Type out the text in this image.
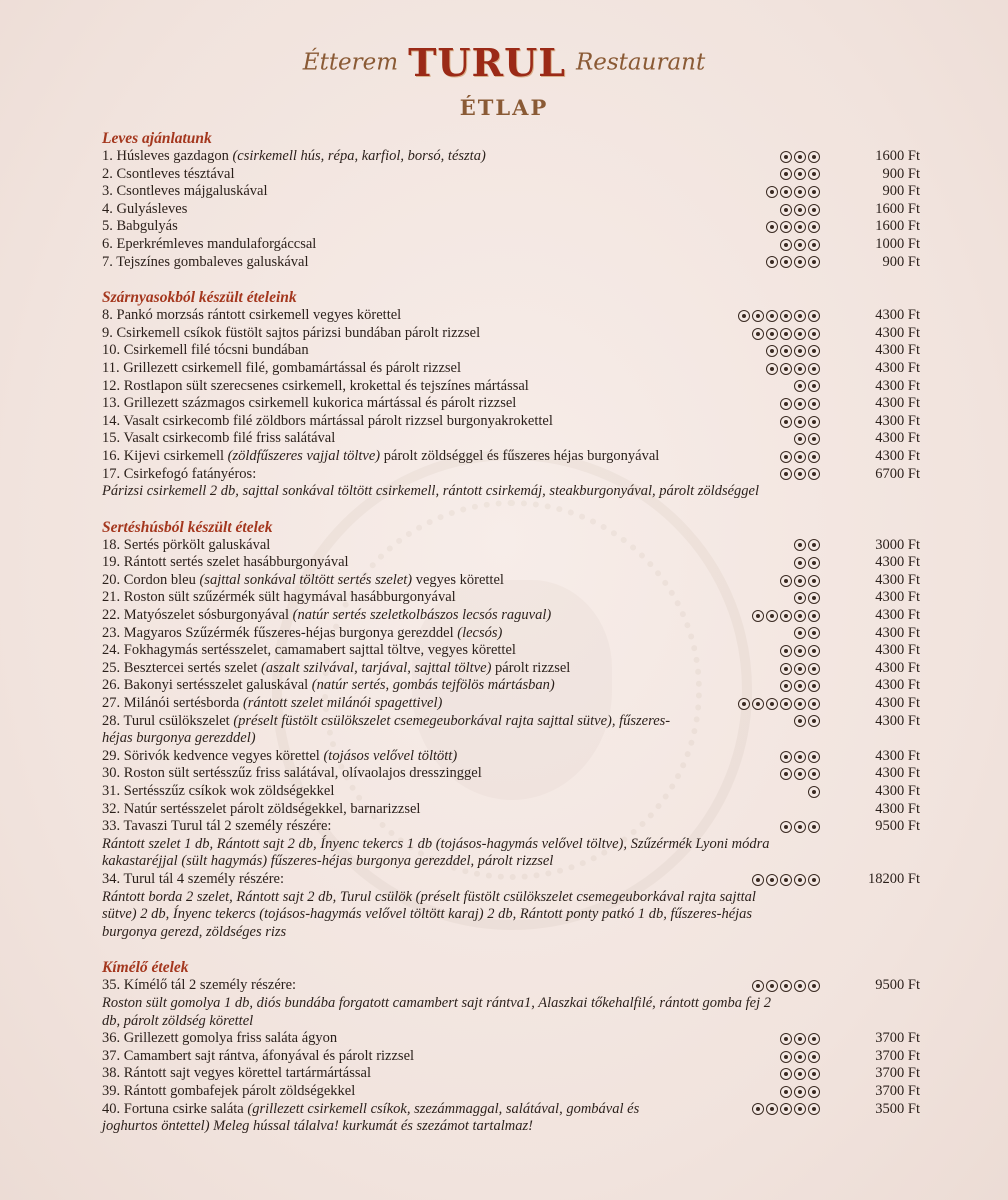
Étterem TURUL Restaurant
ÉTLAP
Leves ajánlatunk
1. Húsleves gazdagon (csirkemell hús, répa, karfiol, borsó, tészta)	1600 Ft
2. Csontleves tésztával	900 Ft
3. Csontleves májgaluskával	900 Ft
4. Gulyásleves	1600 Ft
5. Babgulyás	1600 Ft
6. Eperkrémleves mandulaforgáccsal	1000 Ft
7. Tejszínes gombaleves galuskával	900 Ft
Szárnyasokból készült ételeink
8. Pankó morzsás rántott csirkemell vegyes körettel	4300 Ft
9. Csirkemell csíkok füstölt sajtos párizsi bundában párolt rizzsel	4300 Ft
10. Csirkemell filé tócsni bundában	4300 Ft
11. Grillezett csirkemell filé, gombamártással és párolt rizzsel	4300 Ft
12. Rostlapon sült szerecsenes csirkemell, krokettal és tejszínes mártással	4300 Ft
13. Grillezett százmagos csirkemell kukorica mártással és párolt rizzsel	4300 Ft
14. Vasalt csirkecomb filé zöldbors mártással párolt rizzsel burgonyakrokettel	4300 Ft
15. Vasalt csirkecomb filé friss salátával	4300 Ft
16. Kijevi csirkemell (zöldfűszeres vajjal töltve) párolt zöldséggel és fűszeres héjas burgonyával	4300 Ft
17. Csirkefogó fatányéros:	6700 Ft
Párizsi csirkemell 2 db, sajttal sonkával töltött csirkemell, rántott csirkemáj, steakburgonyával, párolt zöldséggel
Sertéshúsból készült ételek
18. Sertés pörkölt galuskával	3000 Ft
19. Rántott sertés szelet hasábburgonyával	4300 Ft
20. Cordon bleu (sajttal sonkával töltött sertés szelet) vegyes körettel	4300 Ft
21. Roston sült szűzérmék sült hagymával hasábburgonyával	4300 Ft
22. Matyószelet sósburgonyával (natúr sertés szeletkolbászos lecsós raguval)	4300 Ft
23. Magyaros Szűzérmék fűszeres-héjas burgonya gerezddel (lecsós)	4300 Ft
24. Fokhagymás sertésszelet, camamabert sajttal töltve, vegyes körettel	4300 Ft
25. Besztercei sertés szelet (aszalt szilvával, tarjával, sajttal töltve) párolt rizzsel	4300 Ft
26. Bakonyi sertésszelet galuskával (natúr sertés, gombás tejfölös mártásban)	4300 Ft
27. Milánói sertésborda (rántott szelet milánói spagettivel)	4300 Ft
28. Turul csülökszelet (préselt füstölt csülökszelet csemegeuborkával rajta sajttal sütve), fűszeres-héjas burgonya gerezddel)
4300 Ft
29. Sörivók kedvence vegyes körettel (tojásos velővel töltött)	4300 Ft
30. Roston sült sertésszűz friss salátával, olívaolajos dresszinggel	4300 Ft
31. Sertésszűz csíkok wok zöldségekkel	4300 Ft
32. Natúr sertésszelet párolt zöldségekkel, barnarizzsel	4300 Ft
33. Tavaszi Turul tál 2 személy részére:	9500 Ft
Rántott szelet 1 db, Rántott sajt 2 db, Ínyenc tekercs 1 db (tojásos-hagymás velővel töltve), Szűzérmék Lyoni módra kakastaréjjal (sült hagymás) fűszeres-héjas burgonya gerezddel, párolt rizzsel
34. Turul tál 4 személy részére:	18200 Ft
Rántott borda 2 szelet, Rántott sajt 2 db, Turul csülök (préselt füstölt csülökszelet csemegeuborkával rajta sajttal sütve) 2 db, Ínyenc tekercs (tojásos-hagymás velővel töltött karaj) 2 db, Rántott ponty patkó 1 db, fűszeres-héjas burgonya gerezd, zöldséges rizs
Kímélő ételek
35. Kímélő tál 2 személy részére:	9500 Ft
Roston sült gomolya 1 db, diós bundába forgatott camambert sajt rántva1, Alaszkai tőkehalfilé, rántott gomba fej 2 db, párolt zöldség körettel
36. Grillezett gomolya friss saláta ágyon	3700 Ft
37. Camambert sajt rántva, áfonyával és párolt rizzsel	3700 Ft
38. Rántott sajt vegyes körettel tartármártással	3700 Ft
39. Rántott gombafejek párolt zöldségekkel	3700 Ft
40. Fortuna csirke saláta (grillezett csirkemell csíkok, szezámmaggal, salátával, gombával és joghurtos öntettel) Meleg hússal tálalva! kurkumát és szezámot tartalmaz!
3500 Ft
